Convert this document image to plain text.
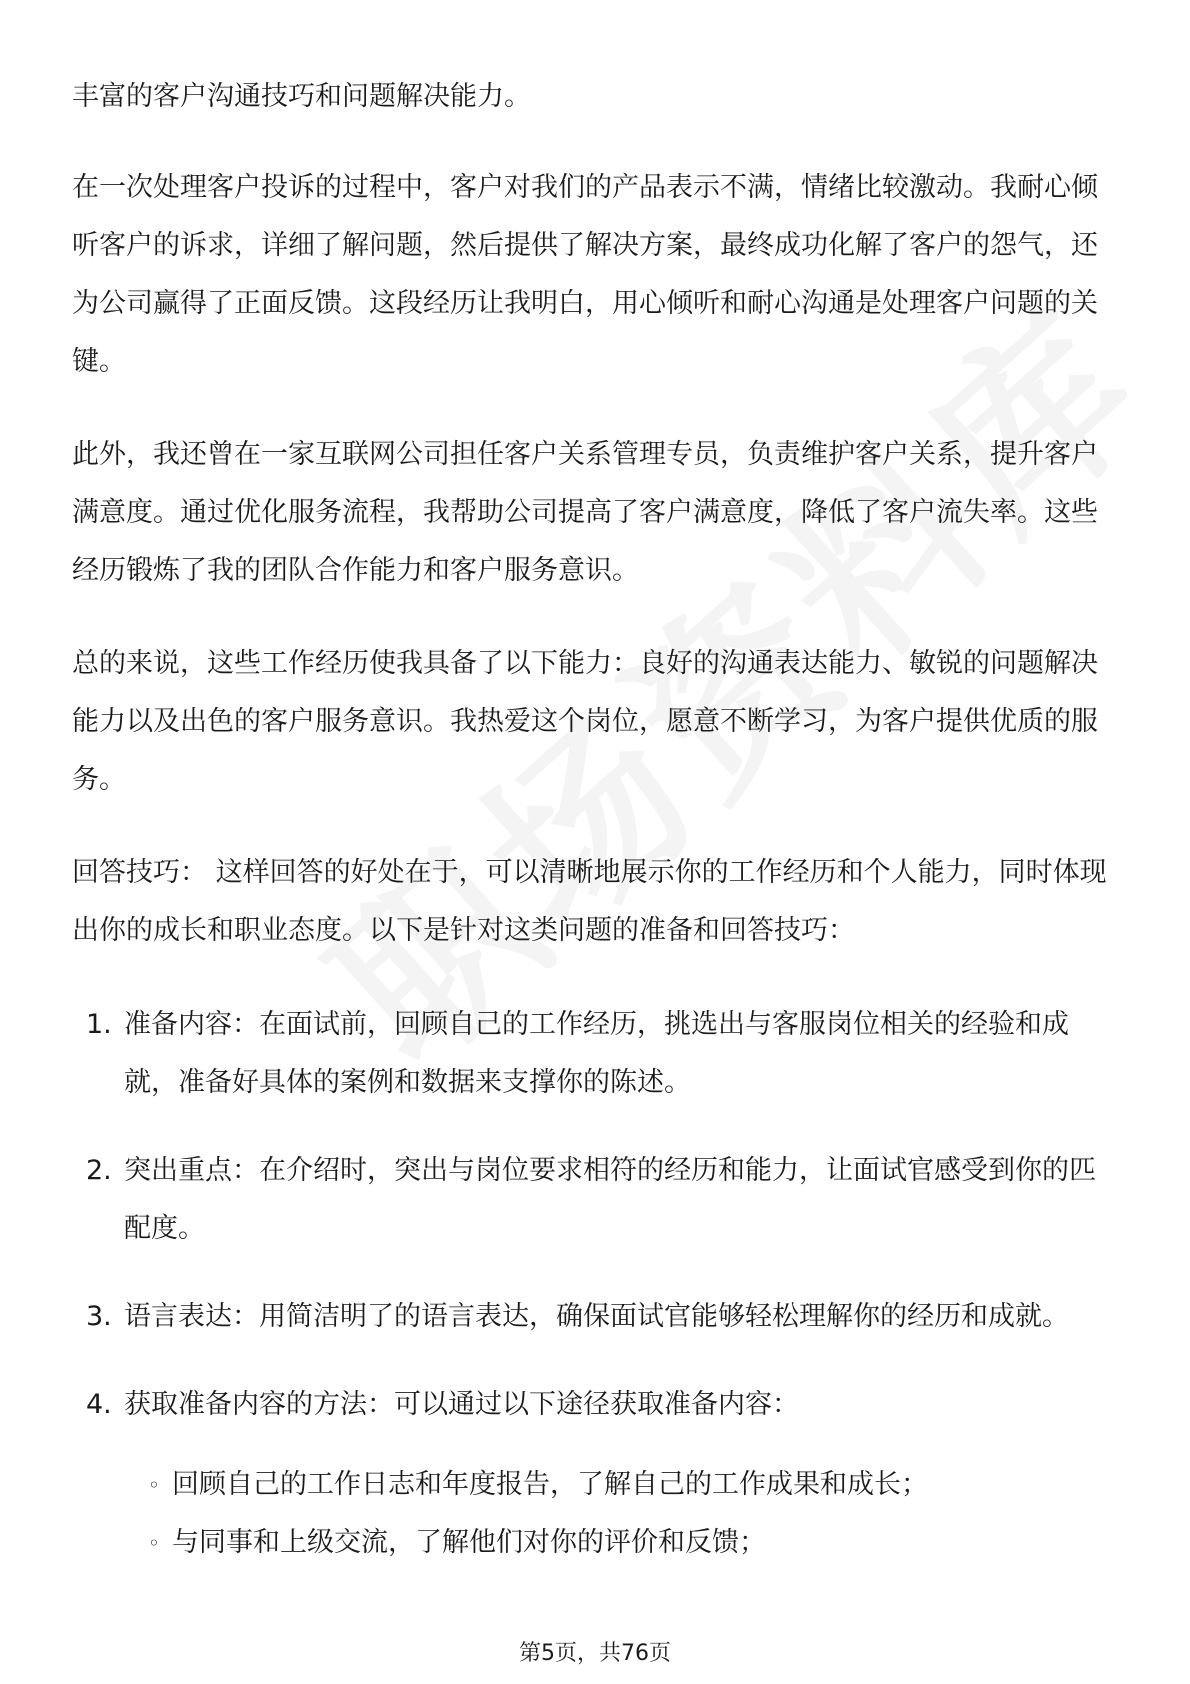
丰富的客户沟通技巧和问题解决能力。

在一次处理客户投诉的过程中，客户对我们的产品表示不满，情绪比较激动。我耐心倾听客户的诉求，详细了解问题，然后提供了解决方案，最终成功化解了客户的怨气，还为公司赢得了正面反馈。这段经历让我明白，用心倾听和耐心沟通是处理客户问题的关键。

此外，我还曾在一家互联网公司担任客户关系管理专员，负责维护客户关系，提升客户满意度。通过优化服务流程，我帮助公司提高了客户满意度，降低了客户流失率。这些经历锻炼了我的团队合作能力和客户服务意识。

总的来说，这些工作经历使我具备了以下能力：良好的沟通表达能力、敏锐的问题解决能力以及出色的客户服务意识。我热爱这个岗位，愿意不断学习，为客户提供优质的服务。

回答技巧： 这样回答的好处在于，可以清晰地展示你的工作经历和个人能力，同时体现出你的成长和职业态度。以下是针对这类问题的准备和回答技巧：

1. 准备内容：在面试前，回顾自己的工作经历，挑选出与客服岗位相关的经验和成就，准备好具体的案例和数据来支撑你的陈述。
2. 突出重点：在介绍时，突出与岗位要求相符的经历和能力，让面试官感受到你的匹配度。
3. 语言表达：用简洁明了的语言表达，确保面试官能够轻松理解你的经历和成就。
4. 获取准备内容的方法：可以通过以下途径获取准备内容：
◦ 回顾自己的工作日志和年度报告，了解自己的工作成果和成长；
◦ 与同事和上级交流，了解他们对你的评价和反馈；
第5页，共76页
